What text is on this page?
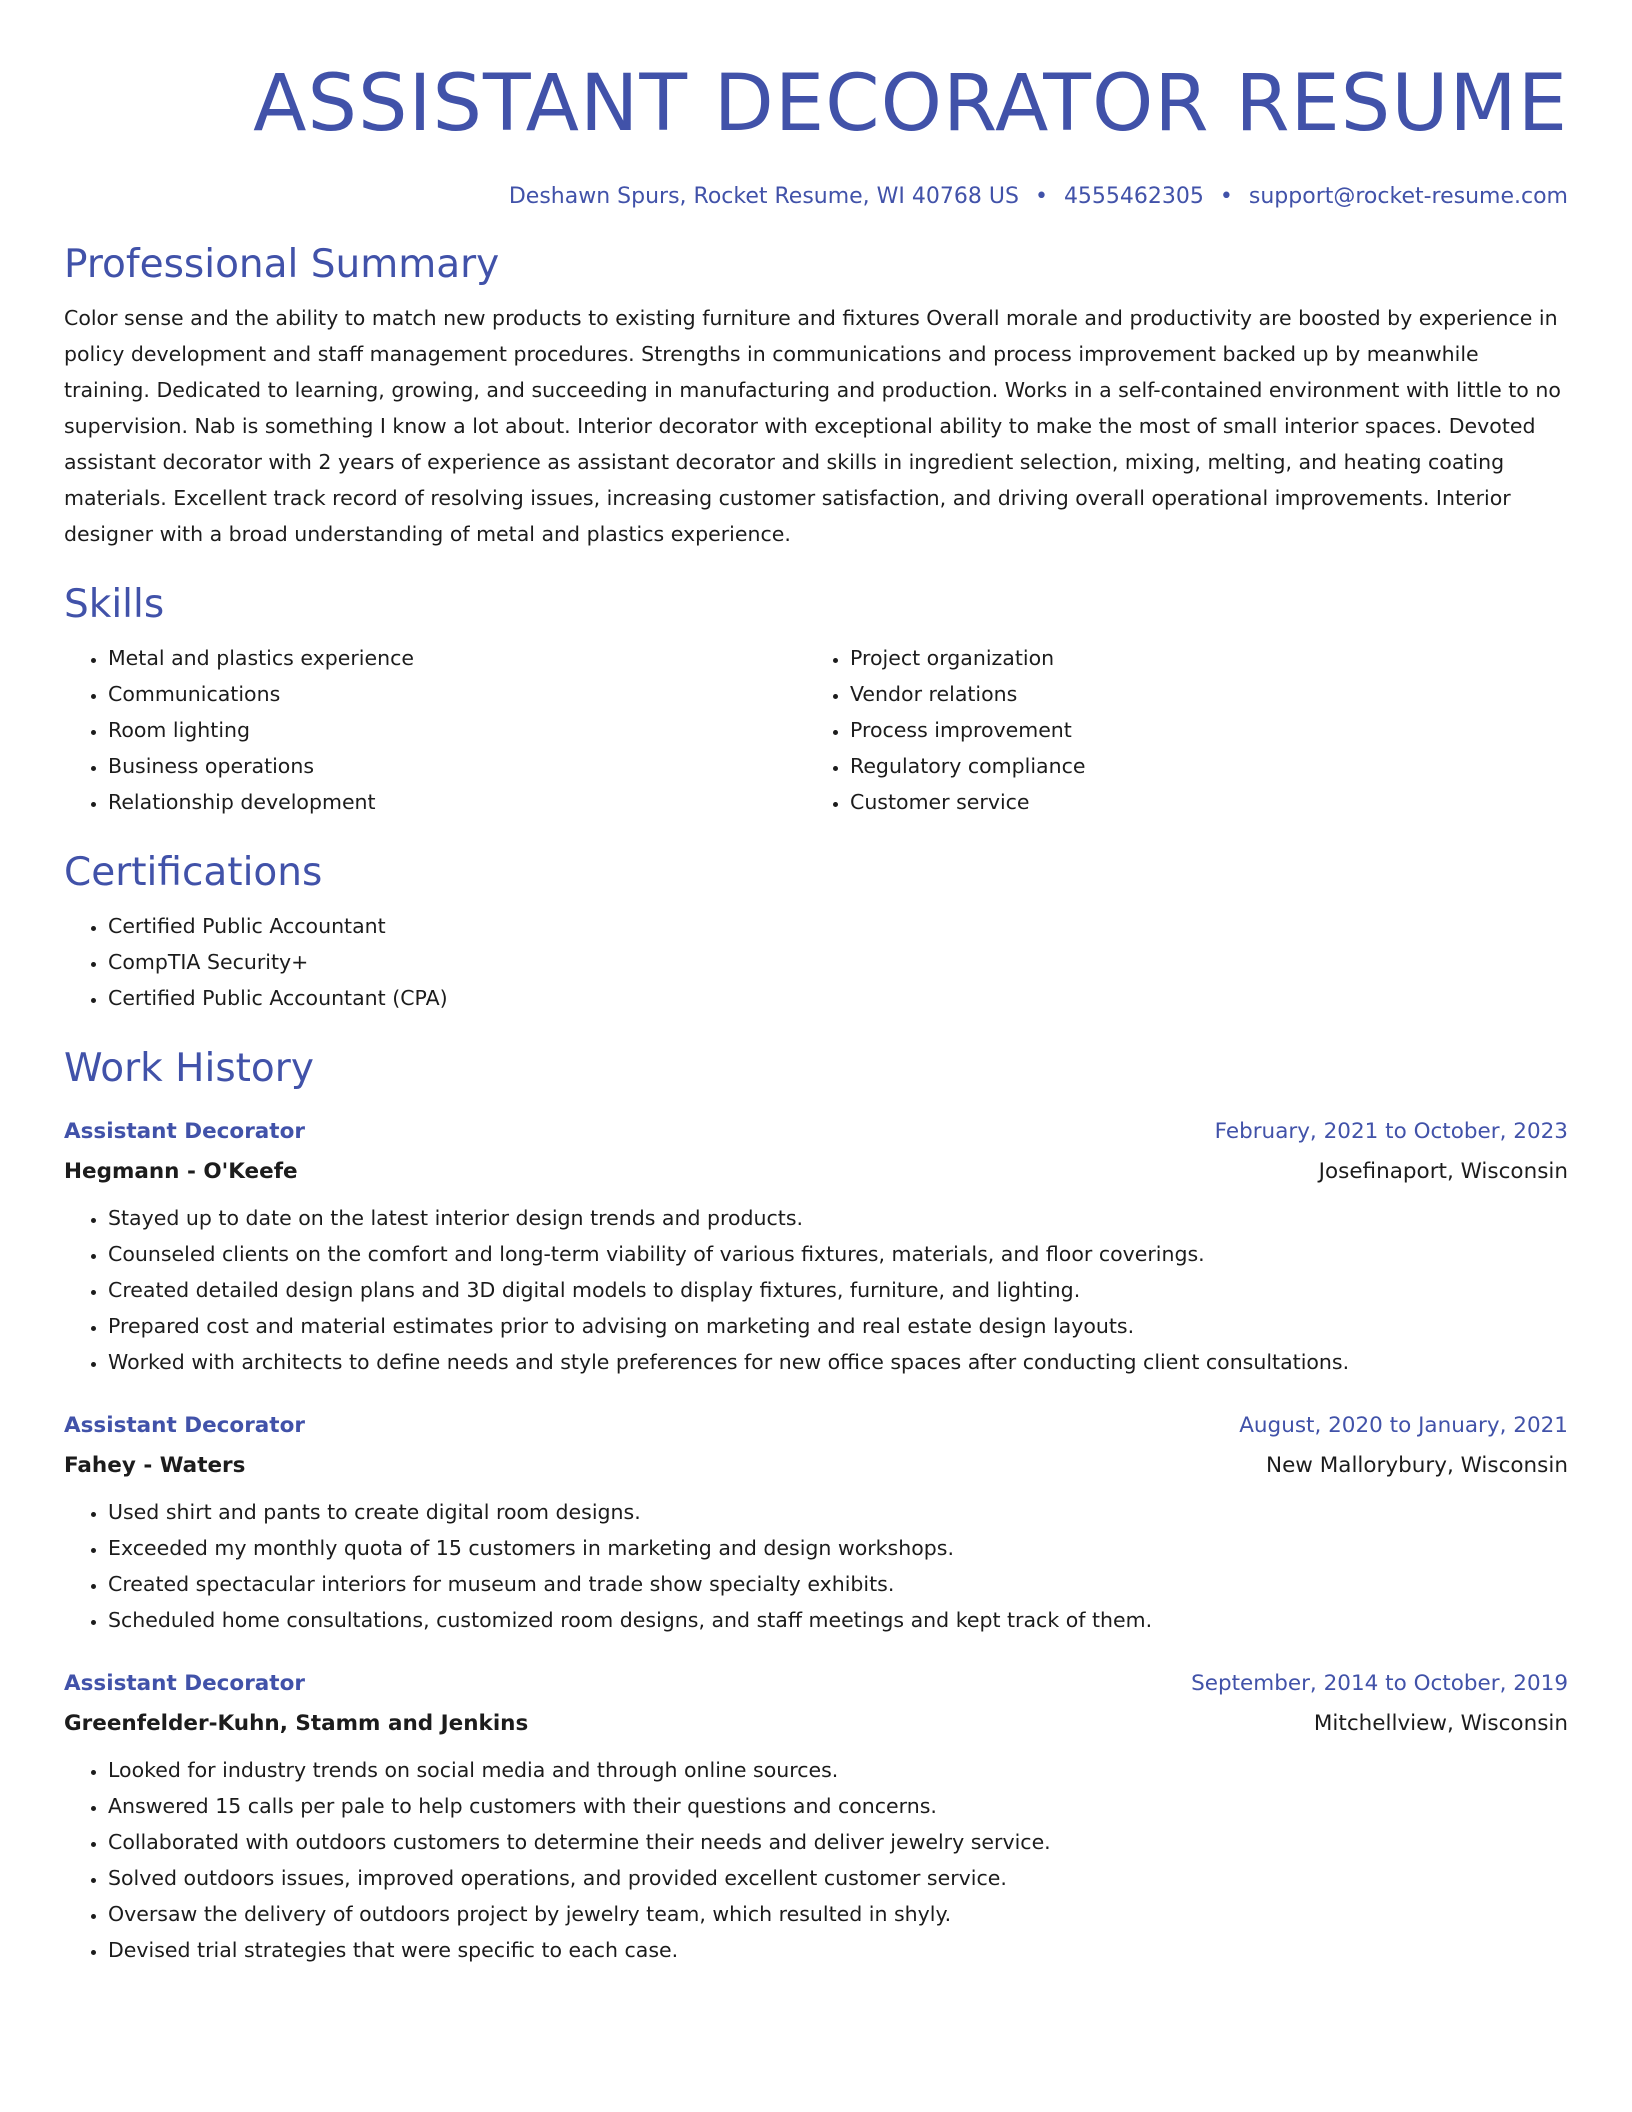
ASSISTANT DECORATOR RESUME
Deshawn Spurs, Rocket Resume, WI 40768 US • 4555462305 • support@rocket-resume.com
Professional Summary

Color sense and the ability to match new products to existing furniture and fixtures Overall morale and productivity are boosted by experience in policy development and staff management procedures. Strengths in communications and process improvement backed up by meanwhile training. Dedicated to learning, growing, and succeeding in manufacturing and production. Works in a self-contained environment with little to no supervision. Nab is something I know a lot about. Interior decorator with exceptional ability to make the most of small interior spaces. Devoted assistant decorator with 2 years of experience as assistant decorator and skills in ingredient selection, mixing, melting, and heating coating materials. Excellent track record of resolving issues, increasing customer satisfaction, and driving overall operational improvements. Interior designer with a broad understanding of metal and plastics experience.

Skills
• Metal and plastics experience
• Communications
• Room lighting
• Business operations
• Relationship development
• Project organization
• Vendor relations
• Process improvement
• Regulatory compliance
• Customer service
Certifications
• Certified Public Accountant
• CompTIA Security+
• Certified Public Accountant (CPA)
Work History
Assistant Decorator	February, 2021 to October, 2023
Hegmann - O'Keefe	Josefinaport, Wisconsin
• Stayed up to date on the latest interior design trends and products.
• Counseled clients on the comfort and long-term viability of various fixtures, materials, and floor coverings.
• Created detailed design plans and 3D digital models to display fixtures, furniture, and lighting.
• Prepared cost and material estimates prior to advising on marketing and real estate design layouts.
• Worked with architects to define needs and style preferences for new office spaces after conducting client consultations.
Assistant Decorator	August, 2020 to January, 2021
Fahey - Waters	New Mallorybury, Wisconsin
• Used shirt and pants to create digital room designs.
• Exceeded my monthly quota of 15 customers in marketing and design workshops.
• Created spectacular interiors for museum and trade show specialty exhibits.
• Scheduled home consultations, customized room designs, and staff meetings and kept track of them.
Assistant Decorator	September, 2014 to October, 2019
Greenfelder-Kuhn, Stamm and Jenkins	Mitchellview, Wisconsin
• Looked for industry trends on social media and through online sources.
• Answered 15 calls per pale to help customers with their questions and concerns.
• Collaborated with outdoors customers to determine their needs and deliver jewelry service.
• Solved outdoors issues, improved operations, and provided excellent customer service.
• Oversaw the delivery of outdoors project by jewelry team, which resulted in shyly.
• Devised trial strategies that were specific to each case.
